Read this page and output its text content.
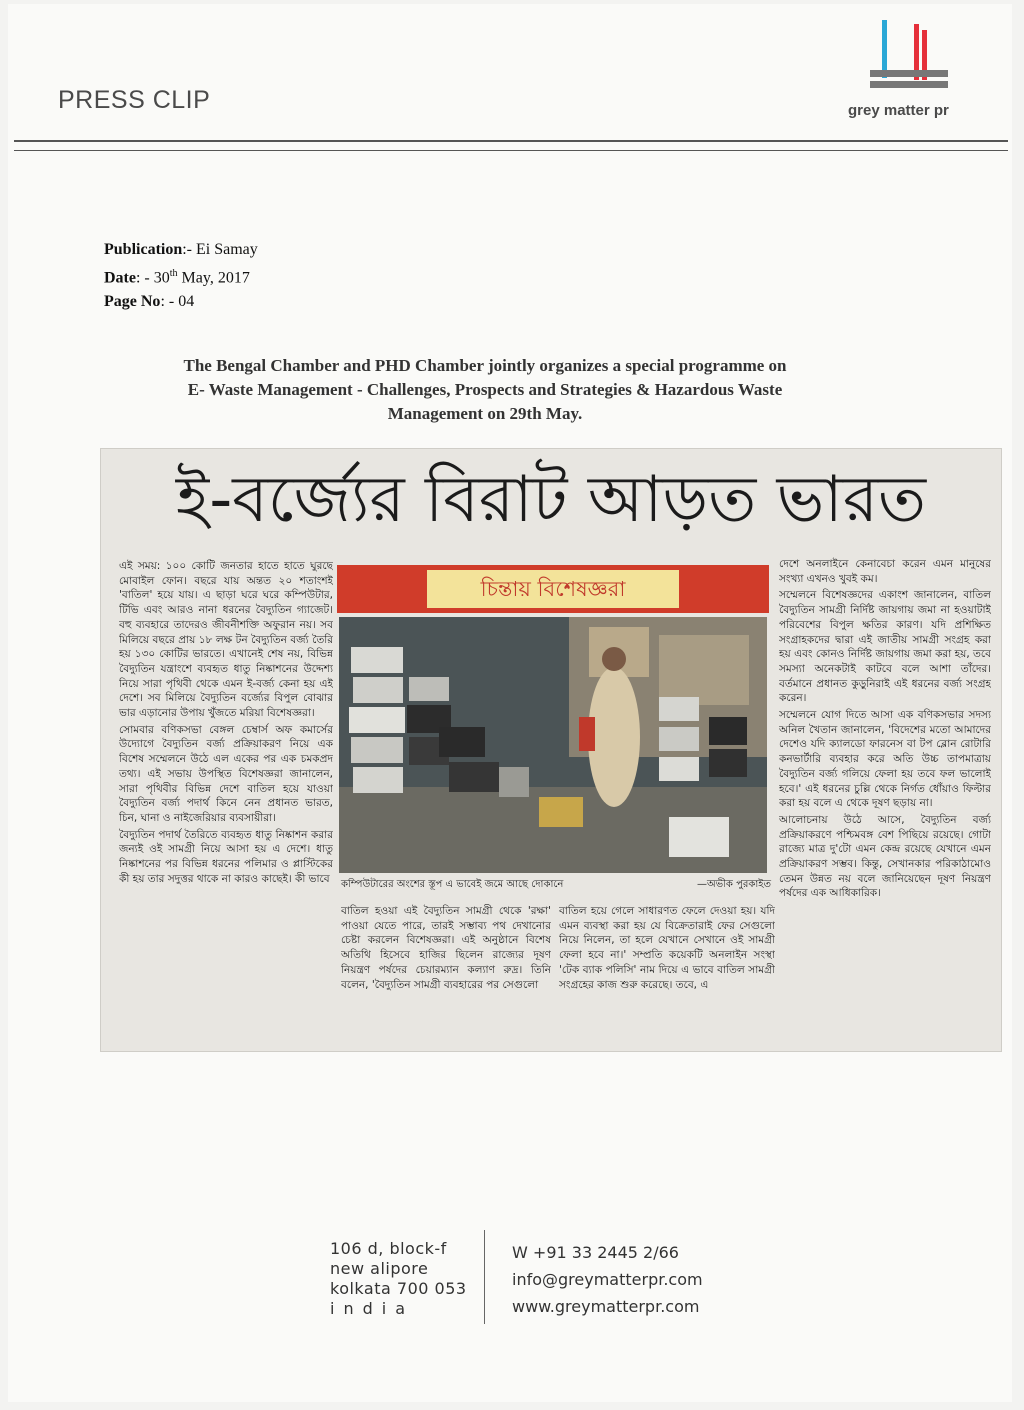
PRESS CLIP	grey matter pr
Publication:- Ei Samay
Date: - 30th May, 2017
Page No: - 04
The Bengal Chamber and PHD Chamber jointly organizes a special programme on
E- Waste Management - Challenges, Prospects and Strategies & Hazardous Waste
Management on 29th May.
ই-বর্জ্যের বিরাট আড়ত ভারত

এই সময়: ১০০ কোটি জনতার হাতে হাতে ঘুরছে মোবাইল ফোন। বছরে যায় অন্তত ২০ শতাংশই 'বাতিল' হয়ে যায়। এ ছাড়া ঘরে ঘরে কম্পিউটার, টিভি এবং আরও নানা ধরনের বৈদ্যুতিন গ্যাজেট। বহু ব্যবহারে তাদেরও জীবনীশক্তি অফুরান নয়। সব মিলিয়ে বছরে প্রায় ১৮ লক্ষ টন বৈদ্যুতিন বর্জ্য তৈরি হয় ১৩০ কোটির ভারতে। এখানেই শেষ নয়, বিভিন্ন বৈদ্যুতিন যন্ত্রাংশে ব্যবহৃত ধাতু নিষ্কাশনের উদ্দেশ্য নিয়ে সারা পৃথিবী থেকে এমন ই-বর্জ্য কেনা হয় এই দেশে। সব মিলিয়ে বৈদ্যুতিন বর্জ্যের বিপুল বোঝার ভার এড়ানোর উপায় খুঁজতে মরিয়া বিশেষজ্ঞরা।

সোমবার বণিকসভা বেঙ্গল চেম্বার্স অফ কমার্সের উদ্যোগে বৈদ্যুতিন বর্জ্য প্রক্রিয়াকরণ নিয়ে এক বিশেষ সম্মেলনে উঠে এল একের পর এক চমকপ্রদ তথ্য। এই সভায় উপস্থিত বিশেষজ্ঞরা জানালেন, সারা পৃথিবীর বিভিন্ন দেশে বাতিল হয়ে যাওয়া বৈদ্যুতিন বর্জ্য পদার্থ কিনে নেন প্রধানত ভারত, চিন, ঘানা ও নাইজেরিয়ার ব্যবসায়ীরা।

বৈদ্যুতিন পদার্থ তৈরিতে ব্যবহৃত ধাতু নিষ্কাশন করার জন্যই ওই সামগ্রী নিয়ে আসা হয় এ দেশে। ধাতু নিষ্কাশনের পর বিভিন্ন ধরনের পলিমার ও প্লাস্টিকের কী হয় তার সদুত্তর থাকে না কারও কাছেই। কী ভাবে

চিন্তায় বিশেষজ্ঞরা
কম্পিউটারের অংশের স্তূপ এ ভাবেই জমে আছে দোকানে	—অভীক পুরকাইত

বাতিল হওয়া এই বৈদ্যুতিন সামগ্রী থেকে 'রক্ষা' পাওয়া যেতে পারে, তারই সম্ভাব্য পথ দেখানোর চেষ্টা করলেন বিশেষজ্ঞরা। এই অনুষ্ঠানে বিশেষ অতিথি হিসেবে হাজির ছিলেন রাজ্যের দূষণ নিয়ন্ত্রণ পর্ষদের চেয়ারম্যান কল্যাণ রুদ্র। তিনি বলেন, 'বৈদ্যুতিন সামগ্রী ব্যবহারের পর সেগুলো

বাতিল হয়ে গেলে সাধারণত ফেলে দেওয়া হয়। যদি এমন ব্যবস্থা করা হয় যে বিক্রেতারাই ফের সেগুলো নিয়ে নিলেন, তা হলে যেখানে সেখানে ওই সামগ্রী ফেলা হবে না।' সম্প্রতি কয়েকটি অনলাইন সংস্থা 'টেক ব্যাক পলিসি' নাম দিয়ে এ ভাবে বাতিল সামগ্রী সংগ্রহের কাজ শুরু করেছে। তবে, এ

দেশে অনলাইনে কেনাবেচা করেন এমন মানুষের সংখ্যা এখনও খুবই কম।

সম্মেলনে বিশেষজ্ঞদের একাংশ জানালেন, বাতিল বৈদ্যুতিন সামগ্রী নির্দিষ্ট জায়গায় জমা না হওয়াটাই পরিবেশের বিপুল ক্ষতির কারণ। যদি প্রশিক্ষিত সংগ্রাহকদের দ্বারা এই জাতীয় সামগ্রী সংগ্রহ করা হয় এবং কোনও নির্দিষ্ট জায়গায় জমা করা হয়, তবে সমস্যা অনেকটাই কাটবে বলে আশা তাঁদের। বর্তমানে প্রধানত কুড়ুনিরাই এই ধরনের বর্জ্য সংগ্রহ করেন।

সম্মেলনে যোগ দিতে আসা এক বণিকসভার সদস্য অনিল খৈতান জানালেন, 'বিদেশের মতো আমাদের দেশেও যদি ক্যালডো ফারনেস বা টপ ব্লোন রোটারি কনভার্টারি ব্যবহার করে অতি উচ্চ তাপমাত্রায় বৈদ্যুতিন বর্জ্য গলিয়ে ফেলা হয় তবে ফল ভালোই হবে।' এই ধরনের চুল্লি থেকে নির্গত ধোঁয়াও ফিল্টার করা হয় বলে এ থেকে দূষণ ছড়ায় না।

আলোচনায় উঠে আসে, বৈদ্যুতিন বর্জ্য প্রক্রিয়াকরণে পশ্চিমবঙ্গ বেশ পিছিয়ে রয়েছে। গোটা রাজ্যে মাত্র দু'টো এমন কেন্দ্র রয়েছে যেখানে এমন প্রক্রিয়াকরণ সম্ভব। কিন্তু, সেখানকার পরিকাঠামোও তেমন উন্নত নয় বলে জানিয়েছেন দূষণ নিয়ন্ত্রণ পর্ষদের এক আধিকারিক।

106 d, block-f
new alipore
kolkata 700 053
india
W +91 33 2445 2/66
info@greymatterpr.com
www.greymatterpr.com
